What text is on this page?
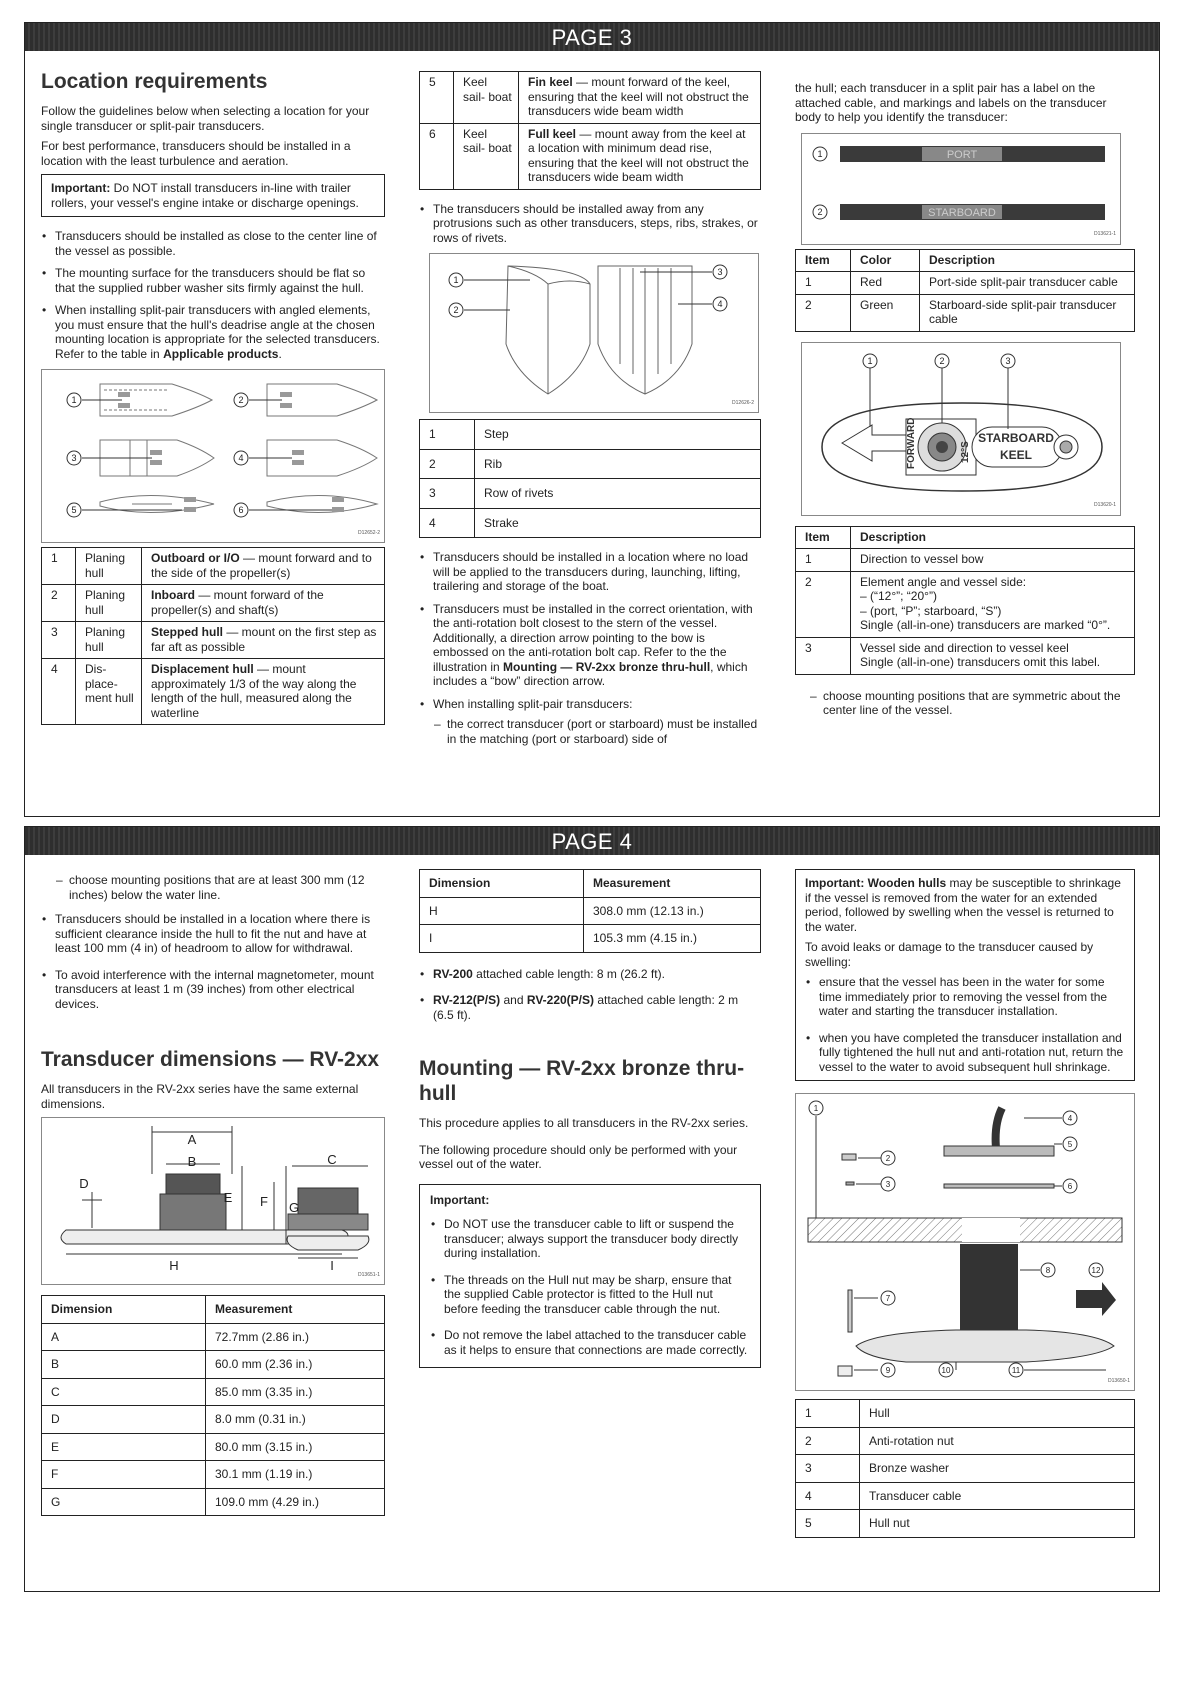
PAGE 3
Location requirements

Follow the guidelines below when selecting a location for your single transducer or split-pair transducers.

For best performance, transducers should be installed in a location with the least turbulence and aeration.

Important: Do NOT install transducers in-line with trailer rollers, your vessel's engine intake or discharge openings.
• Transducers should be installed as close to the center line of the vessel as possible.
• The mounting surface for the transducers should be flat so that the supplied rubber washer sits firmly against the hull.
• When installing split-pair transducers with angled elements, you must ensure that the hull's deadrise angle at the chosen mounting location is appropriate for the selected transducers. Refer to the table in Applicable products.
1	2
3	4
5	6
D12652-2
1	Planing hull	Outboard or I/O — mount forward and to the side of the propeller(s)
2	Planing hull	Inboard — mount forward of the propeller(s) and shaft(s)
3	Planing hull	Stepped hull — mount on the first step as far aft as possible
4	Dis- place- ment hull	Displacement hull — mount approximately 1/3 of the way along the length of the hull, measured along the waterline
5	Keel sail- boat	Fin keel — mount forward of the keel, ensuring that the keel will not obstruct the transducers wide beam width
6	Keel sail- boat	Full keel — mount away from the keel at a location with minimum dead rise, ensuring that the keel will not obstruct the transducers wide beam width
• The transducers should be installed away from any protrusions such as other transducers, steps, ribs, strakes, or rows of rivets.
1
2
3
4
D12626-2
1	Step
2	Rib
3	Row of rivets
4	Strake
• Transducers should be installed in a location where no load will be applied to the transducers during, launching, lifting, trailering and storage of the boat.
• Transducers must be installed in the correct orientation, with the anti-rotation bolt closest to the stern of the vessel. Additionally, a direction arrow pointing to the bow is embossed on the anti-rotation bolt cap. Refer to the the illustration in Mounting — RV-2xx bronze thru-hull, which includes a “bow” direction arrow.
• When installing split-pair transducers:
– the correct transducer (port or starboard) must be installed in the matching (port or starboard) side of

the hull; each transducer in a split pair has a label on the attached cable, and markings and labels on the transducer body to help you identify the transducer:

1
2
PORT
STARBOARD
D13621-1
Item	Color	Description
1	Red	Port-side split-pair transducer cable
2	Green	Starboard-side split-pair transducer cable
1	2	3
FORWARD	12°S
STARBOARD
KEEL
D13620-1
Item	Description
1	Direction to vessel bow

2	Element angle and vessel side:
– (“12°”; “20°”)
– (port, “P”; starboard, “S”)
Single (all-in-one) transducers are marked “0°”.

3	Vessel side and direction to vessel keel
Single (all-in-one) transducers omit this label.
– choose mounting positions that are symmetric about the center line of the vessel.
PAGE 4
– choose mounting positions that are at least 300 mm (12 inches) below the water line.
• Transducers should be installed in a location where there is sufficient clearance inside the hull to fit the nut and have at least 100 mm (4 in) of headroom to allow for withdrawal.
• To avoid interference with the internal magnetometer, mount transducers at least 1 m (39 inches) from other electrical devices.
Transducer dimensions — RV-2xx

All transducers in the RV-2xx series have the same external dimensions.

A
B	C
D
E F G
H	I
D13651-1
Dimension	Measurement
A	72.7mm (2.86 in.)
B	60.0 mm (2.36 in.)
C	85.0 mm (3.35 in.)
D	8.0 mm (0.31 in.)
E	80.0 mm (3.15 in.)
F	30.1 mm (1.19 in.)
G	109.0 mm (4.29 in.)
Dimension	Measurement
H	308.0 mm (12.13 in.)
I	105.3 mm (4.15 in.)
• RV-200 attached cable length: 8 m (26.2 ft).
• RV-212(P/S) and RV-220(P/S) attached cable length: 2 m (6.5 ft).
Mounting — RV-2xx bronze thru-hull

This procedure applies to all transducers in the RV-2xx series.

The following procedure should only be performed with your vessel out of the water.

Important:
• Do NOT use the transducer cable to lift or suspend the transducer; always support the transducer body directly during installation.
• The threads on the Hull nut may be sharp, ensure that the supplied Cable protector is fitted to the Hull nut before feeding the transducer cable through the nut.
• Do not remove the label attached to the transducer cable as it helps to ensure that connections are made correctly.

Important: Wooden hulls may be susceptible to shrinkage if the vessel is removed from the water for an extended period, followed by swelling when the vessel is returned to the water.

To avoid leaks or damage to the transducer caused by swelling:

• ensure that the vessel has been in the water for some time immediately prior to removing the vessel from the water and starting the transducer installation.
• when you have completed the transducer installation and fully tightened the hull nut and anti-rotation nut, return the vessel to the water to avoid subsequent hull shrinkage.
1
2
3
4
5
6
7
8
9	10	11
12
D13650-1
1	Hull
2	Anti-rotation nut
3	Bronze washer
4	Transducer cable
5	Hull nut
